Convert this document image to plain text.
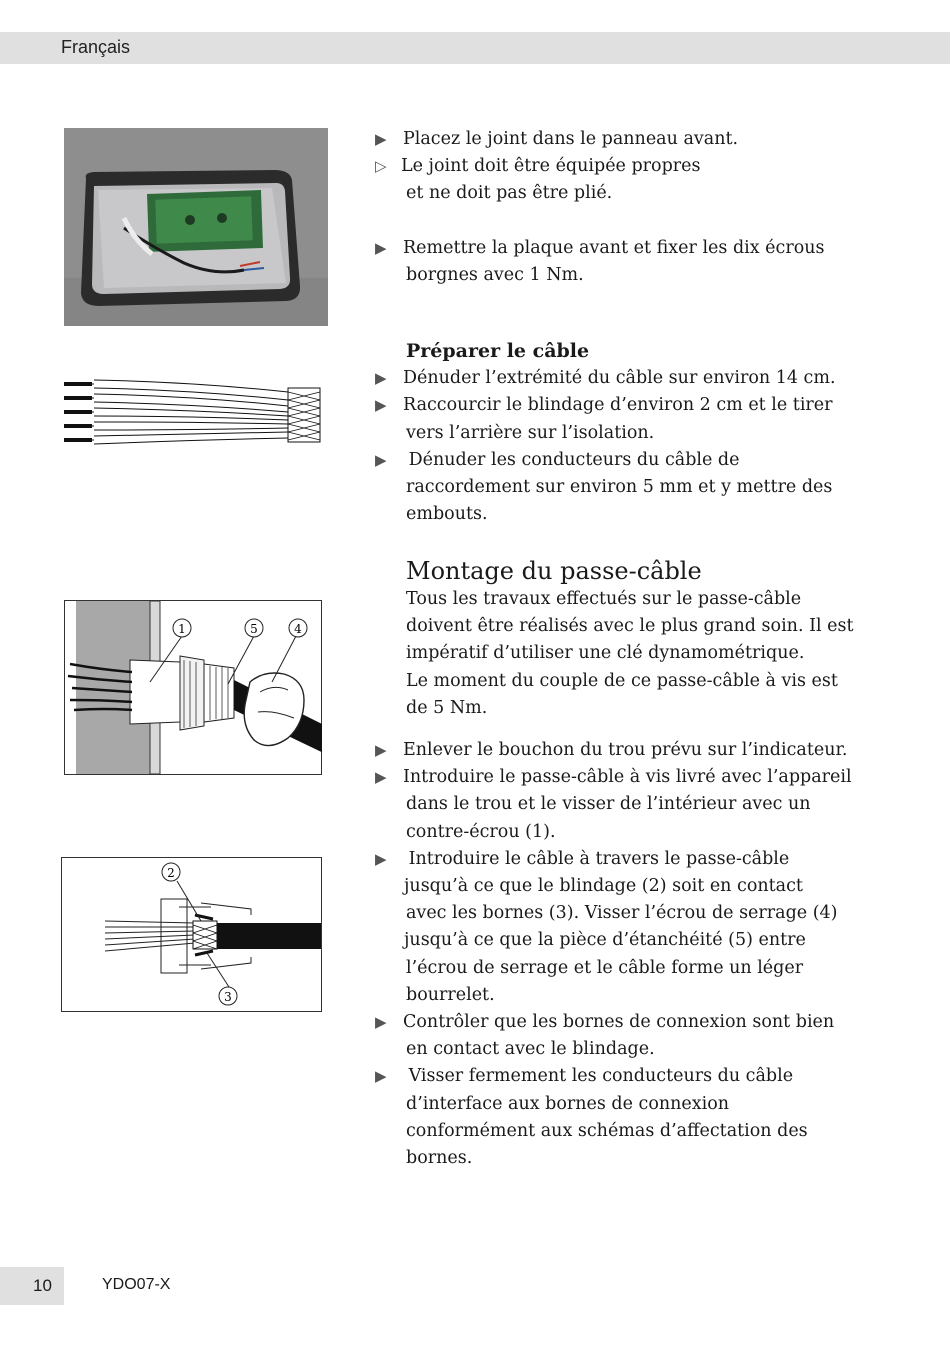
Français
1	5	4
2
3
▶ Placez le joint dans le panneau avant.
▷ Le joint doit être équipée propres
et ne doit pas être plié.
▶ Remettre la plaque avant et fixer les dix écrous
borgnes avec 1 Nm.
Préparer le câble
▶ Dénuder l’extrémité du câble sur environ 14 cm.
▶ Raccourcir le blindage d’environ 2 cm et le tirer
vers l’arrière sur l’isolation.
▶ Dénuder les conducteurs du câble de
raccordement sur environ 5 mm et y mettre des
embouts.
Montage du passe-câble
Tous les travaux effectués sur le passe-câble
doivent être réalisés avec le plus grand soin. Il est
impératif d’utiliser une clé dynamométrique.
Le moment du couple de ce passe-câble à vis est
de 5 Nm.
▶ Enlever le bouchon du trou prévu sur l’indicateur.
▶ Introduire le passe-câble à vis livré avec l’appareil
dans le trou et le visser de l’intérieur avec un
contre-écrou (1).
▶ Introduire le câble à travers le passe-câble
jusqu’à ce que le blindage (2) soit en contact
avec les bornes (3). Visser l’écrou de serrage (4)
jusqu’à ce que la pièce d’étanchéité (5) entre
l’écrou de serrage et le câble forme un léger
bourrelet.
▶ Contrôler que les bornes de connexion sont bien
en contact avec le blindage.
▶ Visser fermement les conducteurs du câble
d’interface aux bornes de connexion
conformément aux schémas d’affectation des
bornes.
10	YDO07-X
